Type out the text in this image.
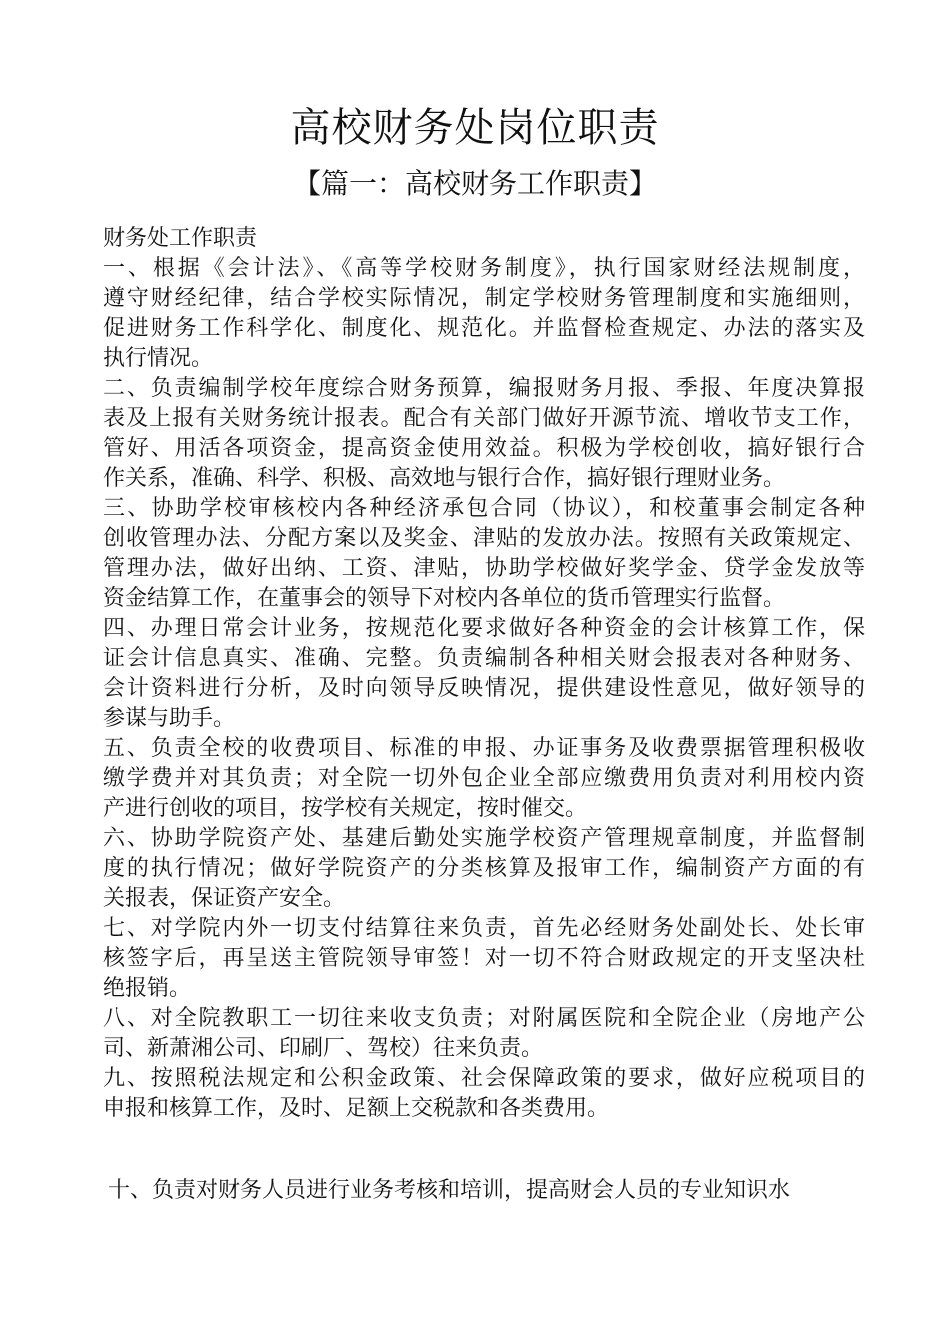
高校财务处岗位职责
【篇一：高校财务工作职责】
财务处工作职责
一、根据《会计法》、《高等学校财务制度》，执行国家财经法规制度，
遵守财经纪律，结合学校实际情况，制定学校财务管理制度和实施细则，
促进财务工作科学化、制度化、规范化。并监督检查规定、办法的落实及
执行情况。
二、负责编制学校年度综合财务预算，编报财务月报、季报、年度决算报
表及上报有关财务统计报表。配合有关部门做好开源节流、增收节支工作，
管好、用活各项资金，提高资金使用效益。积极为学校创收，搞好银行合
作关系，准确、科学、积极、高效地与银行合作，搞好银行理财业务。
三、协助学校审核校内各种经济承包合同（协议），和校董事会制定各种
创收管理办法、分配方案以及奖金、津贴的发放办法。按照有关政策规定、
管理办法，做好出纳、工资、津贴，协助学校做好奖学金、贷学金发放等
资金结算工作，在董事会的领导下对校内各单位的货币管理实行监督。
四、办理日常会计业务，按规范化要求做好各种资金的会计核算工作，保
证会计信息真实、准确、完整。负责编制各种相关财会报表对各种财务、
会计资料进行分析，及时向领导反映情况，提供建设性意见，做好领导的
参谋与助手。
五、负责全校的收费项目、标准的申报、办证事务及收费票据管理积极收
缴学费并对其负责；对全院一切外包企业全部应缴费用负责对利用校内资
产进行创收的项目，按学校有关规定，按时催交。
六、协助学院资产处、基建后勤处实施学校资产管理规章制度，并监督制
度的执行情况；做好学院资产的分类核算及报审工作，编制资产方面的有
关报表，保证资产安全。
七、对学院内外一切支付结算往来负责，首先必经财务处副处长、处长审
核签字后，再呈送主管院领导审签！对一切不符合财政规定的开支坚决杜
绝报销。
八、对全院教职工一切往来收支负责；对附属医院和全院企业（房地产公
司、新萧湘公司、印刷厂、驾校）往来负责。
九、按照税法规定和公积金政策、社会保障政策的要求，做好应税项目的
申报和核算工作，及时、足额上交税款和各类费用。
十、负责对财务人员进行业务考核和培训，提高财会人员的专业知识水
